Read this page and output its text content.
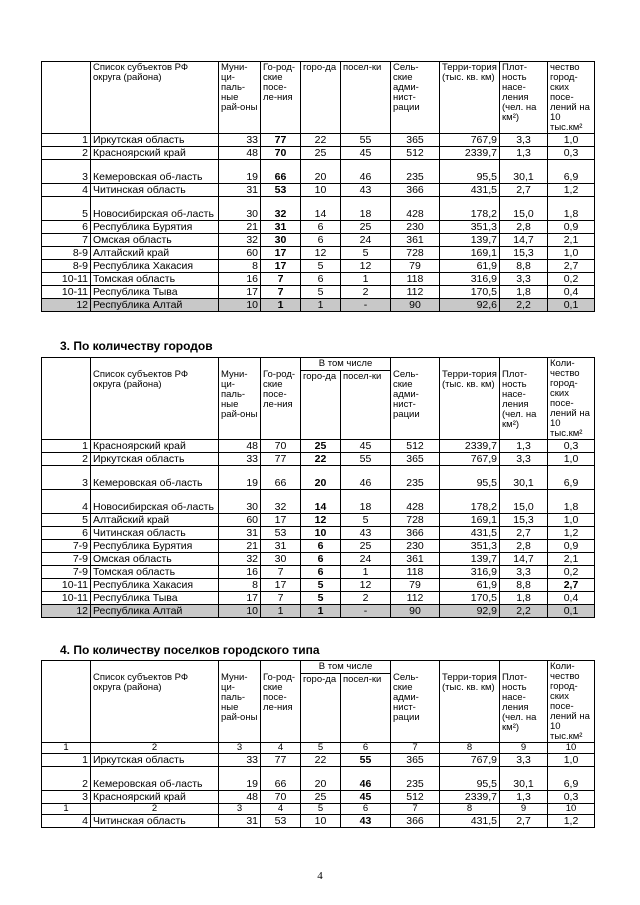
	Список субъектов РФ округа (района)	Муни-ци-паль-ные рай-оны	Го-род-ские посе-ле-ния	горо-да	посел-ки	Сель-ские адми-нист-рации	Терри-тория (тыс. кв. км)	Плот-ность насе-ления (чел. на км²)	чество город-ских посе-лений на 10 тыс.км²
1	Иркутская область	33	77	22	55	365	767,9	3,3	1,0
2	Красноярский край	48	70	25	45	512	2339,7	1,3	0,3
3	Кемеровская об-ласть	19	66	20	46	235	95,5	30,1	6,9
4	Читинская область	31	53	10	43	366	431,5	2,7	1,2
5	Новосибирская об-ласть	30	32	14	18	428	178,2	15,0	1,8
6	Республика Бурятия	21	31	6	25	230	351,3	2,8	0,9
7	Омская область	32	30	6	24	361	139,7	14,7	2,1
8-9	Алтайский край	60	17	12	5	728	169,1	15,3	1,0
8-9	Республика Хакасия	8	17	5	12	79	61,9	8,8	2,7
10-11	Томская область	16	7	6	1	118	316,9	3,3	0,2
10-11	Республика Тыва	17	7	5	2	112	170,5	1,8	0,4
12	Республика Алтай	10	1	1	-	90	92,6	2,2	0,1
3. По количеству городов
	Список субъектов РФ округа (района)	Муни-ци-паль-ные рай-оны	Го-род-ские посе-ле-ния	В том числе		Сель-ские адми-нист-рации	Терри-тория (тыс. кв. км)	Плот-ность насе-ления (чел. на км²)	Коли-чество город-ских посе-лений на 10 тыс.км²
				горо-да	посел-ки				
1	Красноярский край	48	70	25	45	512	2339,7	1,3	0,3
2	Иркутская область	33	77	22	55	365	767,9	3,3	1,0
3	Кемеровская об-ласть	19	66	20	46	235	95,5	30,1	6,9
4	Новосибирская об-ласть	30	32	14	18	428	178,2	15,0	1,8
5	Алтайский край	60	17	12	5	728	169,1	15,3	1,0
6	Читинская область	31	53	10	43	366	431,5	2,7	1,2
7-9	Республика Бурятия	21	31	6	25	230	351,3	2,8	0,9
7-9	Омская область	32	30	6	24	361	139,7	14,7	2,1
7-9	Томская область	16	7	6	1	118	316,9	3,3	0,2
10-11	Республика Хакасия	8	17	5	12	79	61,9	8,8	2,7
10-11	Республика Тыва	17	7	5	2	112	170,5	1,8	0,4
12	Республика Алтай	10	1	1	-	90	92,9	2,2	0,1
4. По количеству поселков городского типа
	Список субъектов РФ округа (района)	Муни-ци-паль-ные рай-оны	Го-род-ские посе-ле-ния	В том числе		Сель-ские адми-нист-рации	Терри-тория (тыс. кв. км)	Плот-ность насе-ления (чел. на км²)	Коли-чество город-ских посе-лений на 10 тыс.км²
				горо-да	посел-ки				
1	2	3	4	5	6	7	8	9	10
1	Иркутская область	33	77	22	55	365	767,9	3,3	1,0
2	Кемеровская об-ласть	19	66	20	46	235	95,5	30,1	6,9
3	Красноярский край	48	70	25	45	512	2339,7	1,3	0,3
1	2	3	4	5	6	7	8	9	10
4	Читинская область	31	53	10	43	366	431,5	2,7	1,2
4
